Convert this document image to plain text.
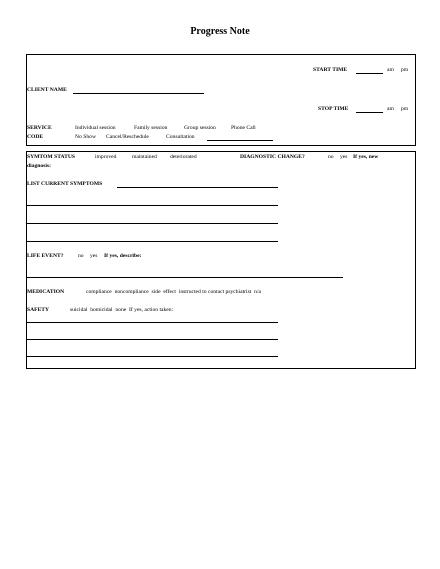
Progress Note
START TIME	am pm
CLIENT NAME
STOP TIME	am pm
SERVICE	Individual session	Family session	Group session	Phone Call
CODE	No Show Cancel/Reschedule	Consultation
SYMTOM STATUS	improved	maintained deteriorated	DIAGNOSTIC CHANGE?	no yes If yes, new
diagnosis:
LIST CURRENT SYMPTOMS
LIFE EVENT?	no yes If yes, describe:
MEDICATION	compliance  noncompliance  side  effect  instructed to contact psychiatrist  n/a
SAFETY	suicidal  homicidal  none  If yes, action taken:
